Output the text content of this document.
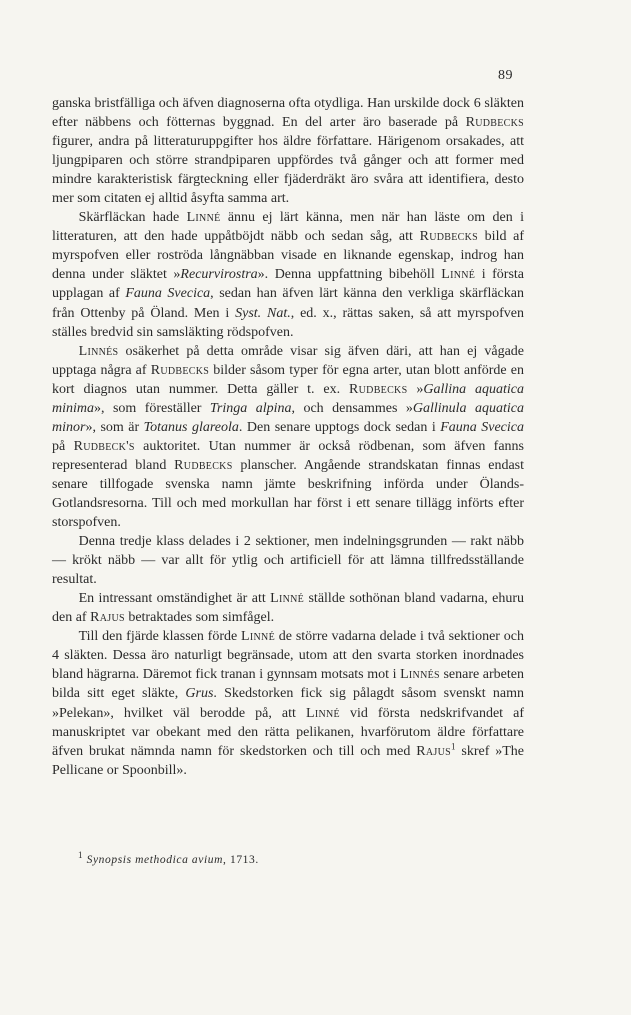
89

ganska bristfälliga och äfven diagnoserna ofta otydliga. Han urskilde dock 6 släkten efter näbbens och fötternas byggnad. En del arter äro baserade på Rudbecks figurer, andra på litteraturuppgifter hos äldre författare. Härigenom orsakades, att ljungpiparen och större strandpiparen uppfördes två gånger och att former med mindre karakteristisk färgteckning eller fjäderdräkt äro svåra att identifiera, desto mer som citaten ej alltid åsyfta samma art.

Skärfläckan hade Linné ännu ej lärt känna, men när han läste om den i litteraturen, att den hade uppåtböjdt näbb och sedan såg, att Rudbecks bild af myrspofven eller roströda långnäbban visade en liknande egenskap, indrog han denna under släktet »Recurvirostra». Denna uppfattning bibehöll Linné i första upplagan af Fauna Svecica, sedan han äfven lärt känna den verkliga skärfläckan från Ottenby på Öland. Men i Syst. Nat., ed. x., rättas saken, så att myrspofven ställes bredvid sin samsläkting rödspofven.

Linnés osäkerhet på detta område visar sig äfven däri, att han ej vågade upptaga några af Rudbecks bilder såsom typer för egna arter, utan blott anförde en kort diagnos utan nummer. Detta gäller t. ex. Rudbecks »Gallina aquatica minima», som föreställer Tringa alpina, och densammes »Gallinula aquatica minor», som är Totanus glareola. Den senare upptogs dock sedan i Fauna Svecica på Rudbeck's auktoritet. Utan nummer är också rödbenan, som äfven fanns representerad bland Rudbecks planscher. Angående strandskatan finnas endast senare tillfogade svenska namn jämte beskrifning införda under Ölands-Gotlandsresorna. Till och med morkullan har först i ett senare tillägg införts efter storspofven.

Denna tredje klass delades i 2 sektioner, men indelningsgrunden — rakt näbb — krökt näbb — var allt för ytlig och artificiell för att lämna tillfredsställande resultat.

En intressant omständighet är att Linné ställde sothönan bland vadarna, ehuru den af Rajus betraktades som simfågel.

Till den fjärde klassen förde Linné de större vadarna delade i två sektioner och 4 släkten. Dessa äro naturligt begränsade, utom att den svarta storken inordnades bland hägrarna. Däremot fick tranan i gynnsam motsats mot i Linnés senare arbeten bilda sitt eget släkte, Grus. Skedstorken fick sig pålagdt såsom svenskt namn »Pelekan», hvilket väl berodde på, att Linné vid första nedskrifvandet af manuskriptet var obekant med den rätta pelikanen, hvarförutom äldre författare äfven brukat nämnda namn för skedstorken och till och med Rajus$^1$ skref »The Pellicane or Spoonbill».

$^1$ Synopsis methodica avium, 1713.
